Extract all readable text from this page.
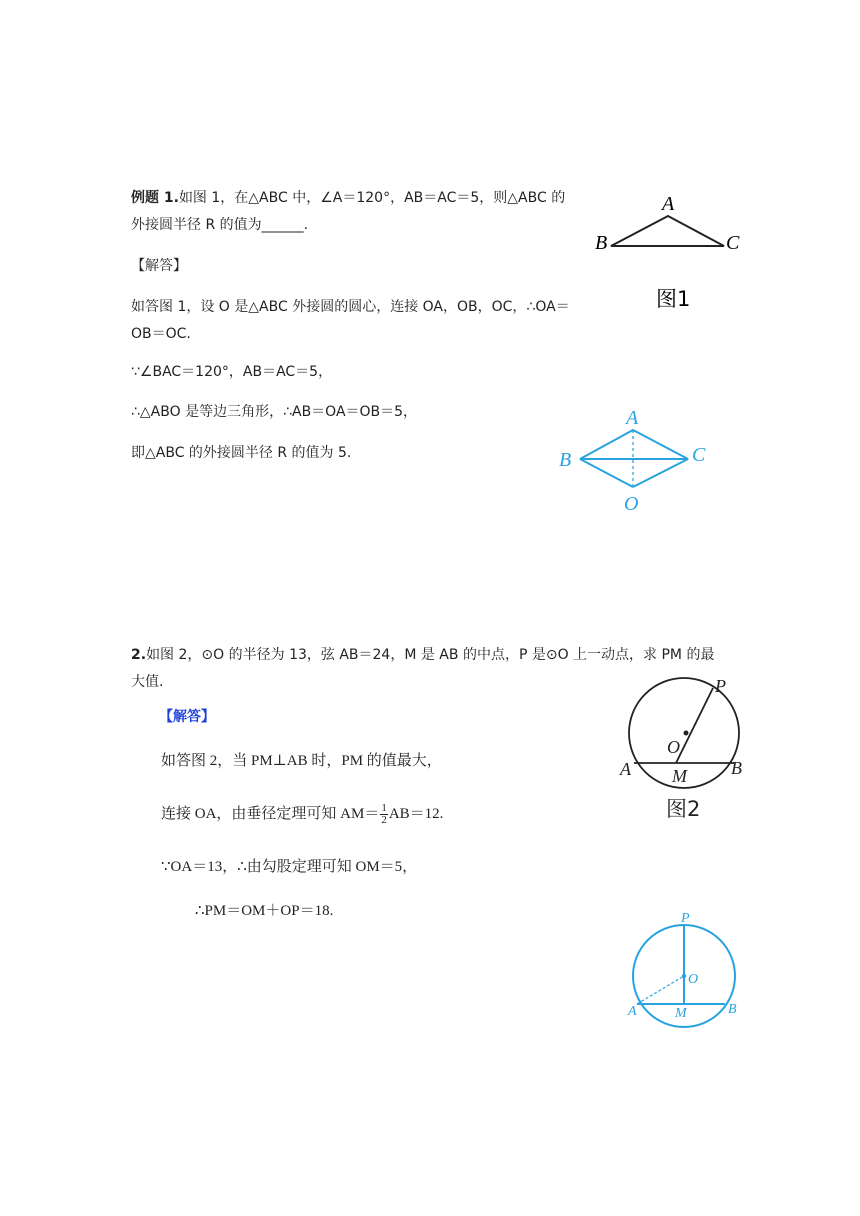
例题 1.如图 1，在△ABC 中，∠A＝120°，AB＝AC＝5，则△ABC 的
外接圆半径 R 的值为______.
【解答】
如答图 1，设 O 是△ABC 外接圆的圆心，连接 OA，OB，OC，∴OA＝
OB＝OC.
∵∠BAC＝120°，AB＝AC＝5，
∴△ABO 是等边三角形，∴AB＝OA＝OB＝5，
即△ABC 的外接圆半径 R 的值为 5.
A
B	C
图1
A
B	C
O
2.如图 2，⊙O 的半径为 13，弦 AB＝24，M 是 AB 的中点，P 是⊙O 上一动点，求 PM 的最
大值.
【解答】
如答图 2，当 PM⊥AB 时，PM 的值最大，
连接 OA，由垂径定理可知 $AM= \frac{1}{2} AB=12$.
∵OA＝13，∴由勾股定理可知 OM＝5，
∴PM＝OM＋OP＝18.
P
O
A	B
M
图2
P
O
A	B
M
